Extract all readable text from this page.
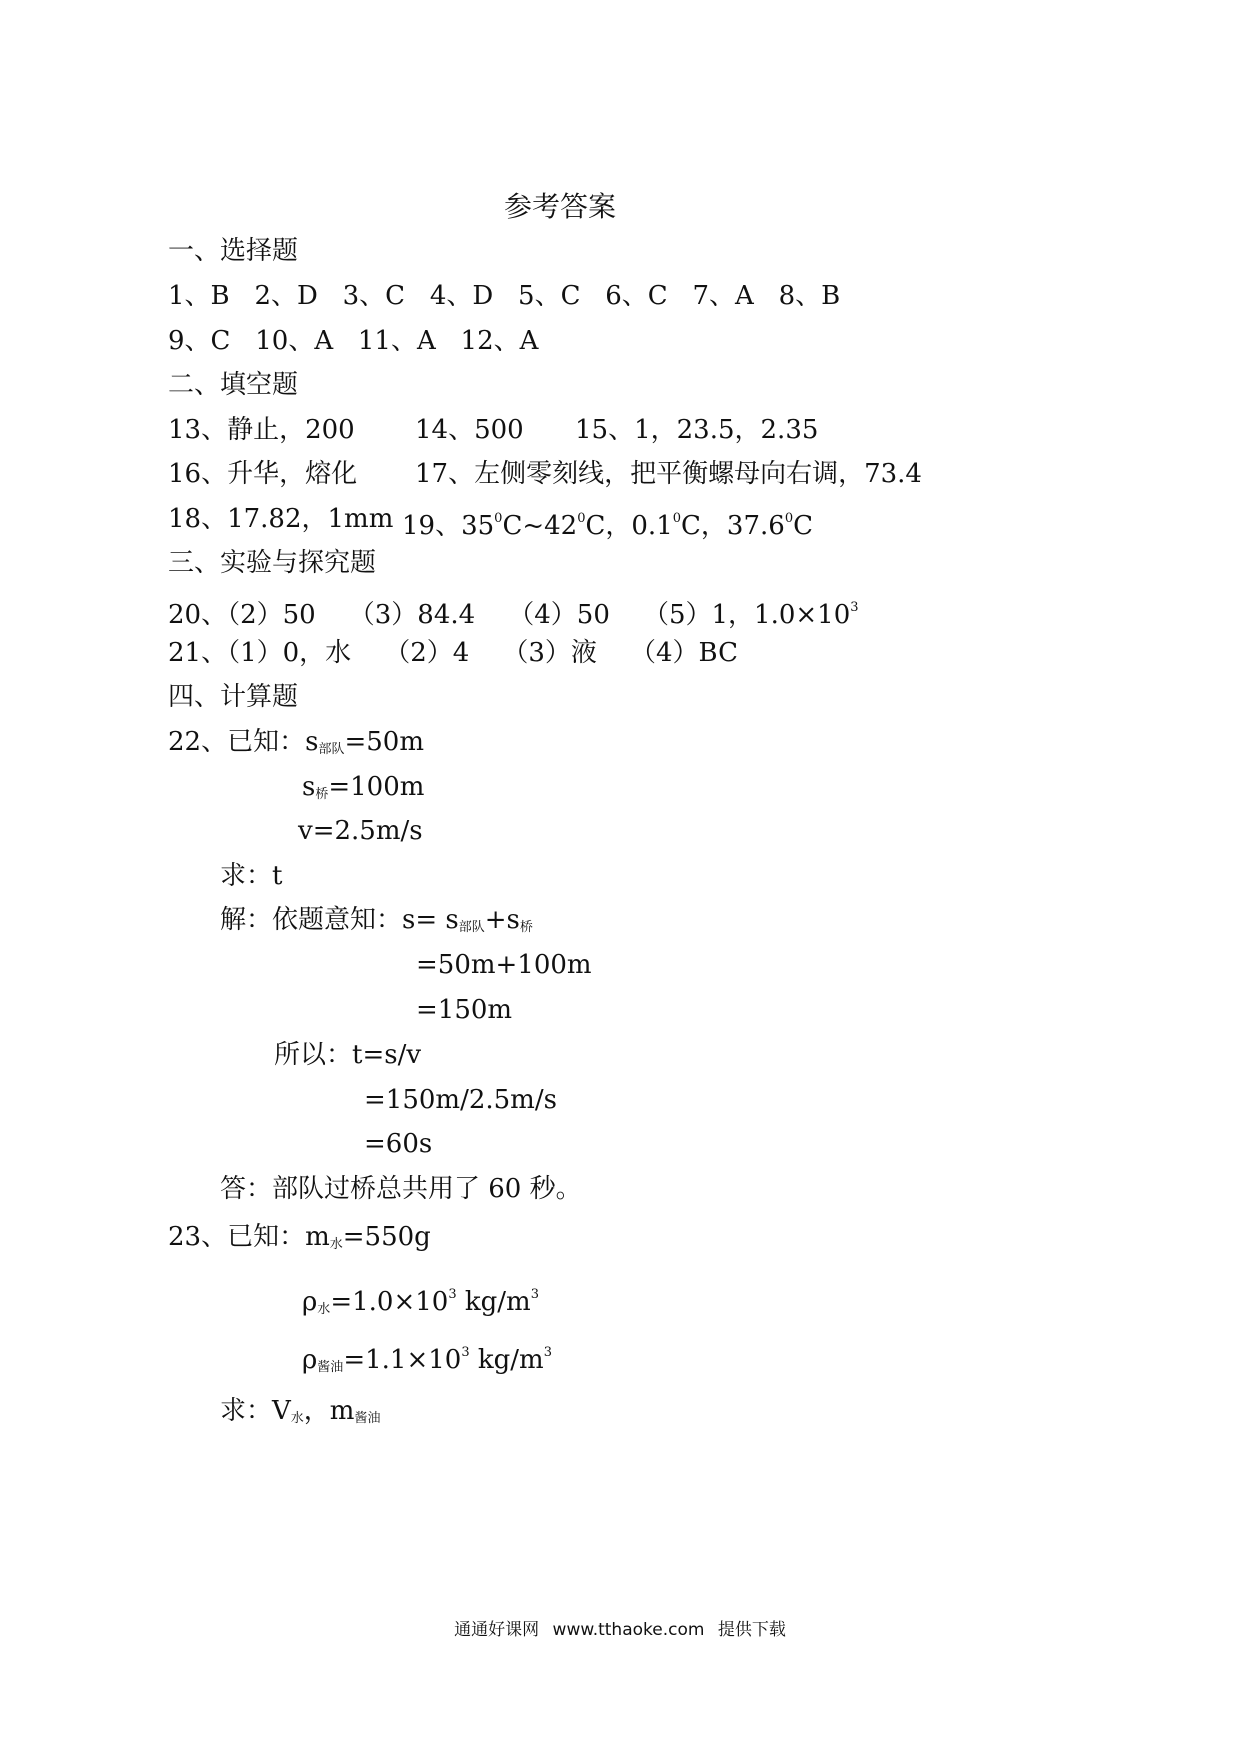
参考答案
一、选择题
1、B   2、D   3、C   4、D   5、C   6、C   7、A   8、B
9、C   10、A   11、A   12、A
二、填空题
13、静止，200 14、500 15、1，23.5，2.35
16、升华，熔化 17、左侧零刻线，把平衡螺母向右调，73.4
18、17.82，1mm 19、$35^0C\sim 42^0C$，$0.1^0C$，37.6$^0$C
三、实验与探究题
20、（2）50    （3）84.4    （4）50    （5）1，$1.0\times 10^3$
21、（1）0，水    （2）4    （3）液    （4）BC
四、计算题
22、已知：$s_{部队}=50m$
$s_桥=100m$
v=2.5m/s
求：t
解：依题意知：$s= s_{部队}+s_桥$
=50m+100m
=150m
所以：t=s/v
=150m/2.5m/s
=60s
答：部队过桥总共用了 60 秒。
23、已知：$m_水=550g$
$\rho_水=1.0\times 10^3$ $kg/m^3$
$\rho_{酱油}=1.1\times 10^3$ $kg/m^3$
求：$V_水$，$m_{酱油}$
通通好课网 www.tthaoke.com 提供下载
